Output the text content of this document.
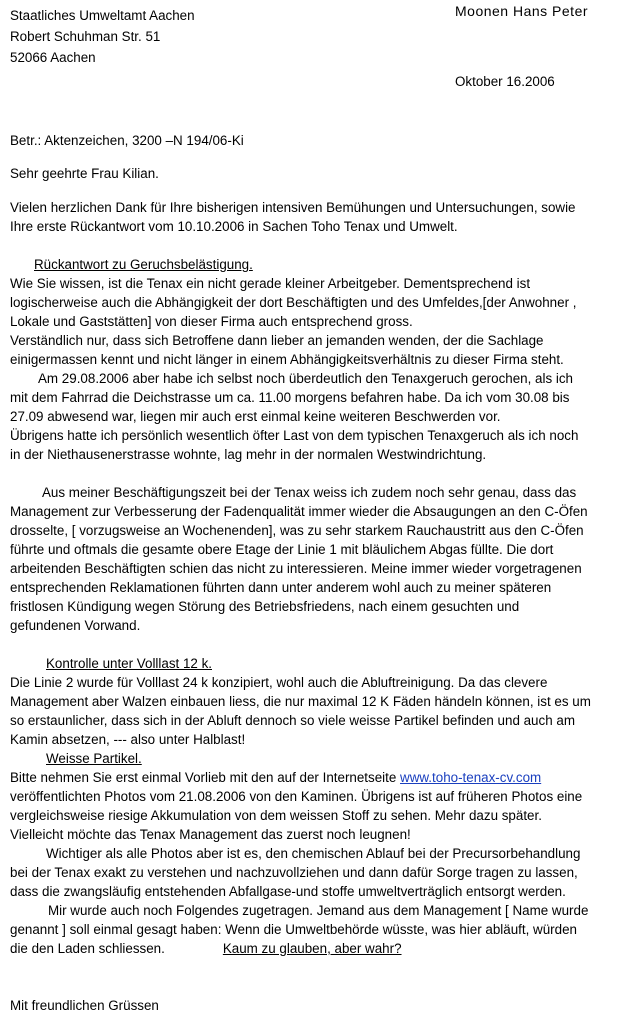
Moonen Hans Peter
Staatliches Umweltamt Aachen
Robert Schuhman Str. 51
52066 Aachen
Oktober 16.2006
Betr.: Aktenzeichen, 3200 –N 194/06-Ki
Sehr geehrte Frau Kilian.
Vielen herzlichen Dank für Ihre bisherigen intensiven Bemühungen und Untersuchungen, sowie
Ihre erste Rückantwort vom 10.10.2006 in Sachen Toho Tenax und Umwelt.
Rückantwort zu Geruchsbelästigung.
Wie Sie wissen, ist die Tenax ein nicht gerade kleiner Arbeitgeber. Dementsprechend ist
logischerweise auch die Abhängigkeit der dort Beschäftigten und des Umfeldes,[der Anwohner ,
Lokale und Gaststätten] von dieser Firma auch entsprechend gross.
Verständlich nur, dass sich Betroffene dann lieber an jemanden wenden, der die Sachlage
einigermassen kennt und nicht länger in einem Abhängigkeitsverhältnis zu dieser Firma steht.
Am 29.08.2006 aber habe ich selbst noch überdeutlich den Tenaxgeruch gerochen, als ich
mit dem Fahrrad die Deichstrasse um ca. 11.00 morgens befahren habe. Da ich vom 30.08 bis
27.09 abwesend war, liegen mir auch erst einmal keine weiteren Beschwerden vor.
Übrigens hatte ich persönlich wesentlich öfter Last von dem typischen Tenaxgeruch als ich noch
in der Niethausenerstrasse wohnte, lag mehr in der normalen Westwindrichtung.
Aus meiner Beschäftigungszeit bei der Tenax weiss ich zudem noch sehr genau, dass das
Management zur Verbesserung der Fadenqualität immer wieder die Absaugungen an den C-Öfen
drosselte, [ vorzugsweise an Wochenenden], was zu sehr starkem Rauchaustritt aus den C-Öfen
führte und oftmals die gesamte obere Etage der Linie 1 mit bläulichem Abgas füllte. Die dort
arbeitenden Beschäftigten schien das nicht zu interessieren. Meine immer wieder vorgetragenen
entsprechenden Reklamationen führten dann unter anderem wohl auch zu meiner späteren
fristlosen Kündigung wegen Störung des Betriebsfriedens, nach einem gesuchten und
gefundenen Vorwand.
Kontrolle unter Volllast 12 k.
Die Linie 2 wurde für Volllast 24 k konzipiert, wohl auch die Abluftreinigung. Da das clevere
Management aber Walzen einbauen liess, die nur maximal 12 K Fäden händeln können, ist es um
so erstaunlicher, dass sich in der Abluft dennoch so viele weisse Partikel befinden und auch am
Kamin absetzen, --- also unter Halblast!
Weisse Partikel.
Bitte nehmen Sie erst einmal Vorlieb mit den auf der Internetseite www.toho-tenax-cv.com
veröffentlichten Photos vom 21.08.2006 von den Kaminen. Übrigens ist auf früheren Photos eine
vergleichsweise riesige Akkumulation von dem weissen Stoff zu sehen. Mehr dazu später.
Vielleicht möchte das Tenax Management das zuerst noch leugnen!
Wichtiger als alle Photos aber ist es, den chemischen Ablauf bei der Precursorbehandlung
bei der Tenax exakt zu verstehen und nachzuvollziehen und dann dafür Sorge tragen zu lassen,
dass die zwangsläufig entstehenden Abfallgase-und stoffe umweltverträglich entsorgt werden.
Mir wurde auch noch Folgendes zugetragen. Jemand aus dem Management [ Name wurde
genannt ] soll einmal gesagt haben: Wenn die Umweltbehörde wüsste, was hier abläuft, würden
die den Laden schliessen.	Kaum zu glauben, aber wahr?
Mit freundlichen Grüssen
